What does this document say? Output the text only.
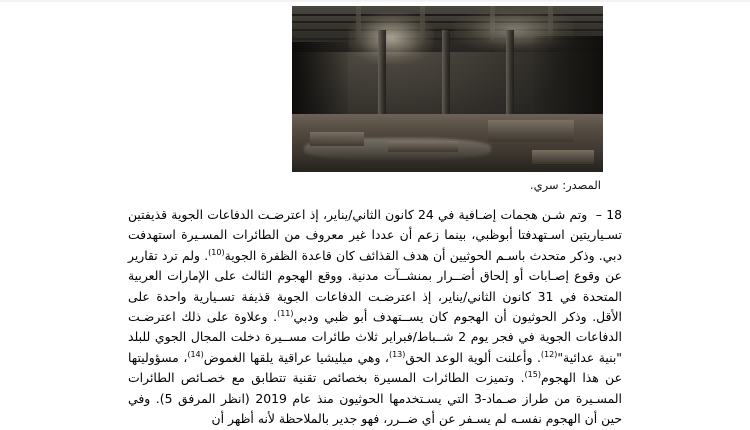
المصدر: سري.

18 –  وتم شـن هجمات إضـافية في 24 كانون الثاني/يناير، إذ اعترضـت الدفاعات الجوية قذيفتين تسـياريتين اسـتهدفتا أبوظبي، بينما زعم أن عددا غير معروف من الطائرات المسـيرة استهدفت دبي. وذكر متحدث باسـم الحوثيين أن هدف القذائف كان قاعدة الظفرة الجوية$^{(10)}$. ولم ترد تقارير عن وقوع إصـابات أو إلحاق أضــرار بمنشــآت مدنية. ووقع الهجوم الثالث على الإمارات العربية المتحدة في 31 كانون الثاني/يناير، إذ اعترضـت الدفاعات الجوية قذيفة تسـيارية واحدة على الأقل. وذكر الحوثيون أن الهجوم كان يســتهدف أبو ظبي ودبي$^{(11)}$. وعلاوة على ذلك اعترضـت الدفاعات الجوية في فجر يوم 2 شــباط/فبراير ثلاث طائرات مســيرة دخلت المجال الجوي للبلد "بنية عدائية"$^{(12)}$. وأعلنت ألوية الوعد الحق$^{(13)}$، وهي ميليشيا عراقية يلقها الغموض$^{(14)}$، مسؤوليتها عن هذا الهجوم$^{(15)}$. وتميزت الطائرات المسيرة بخصائص تقنية تتطابق مع خصـائص الطائرات المسـيرة من طراز صـماد-3 التي يسـتخدمها الحوثيون منذ عام 2019 (انظر المرفق 5). وفي حين أن الهجوم نفسـه لم يسـفر عن أي ضــرر، فهو جدير بالملاحظة لأنه أظهر أن
